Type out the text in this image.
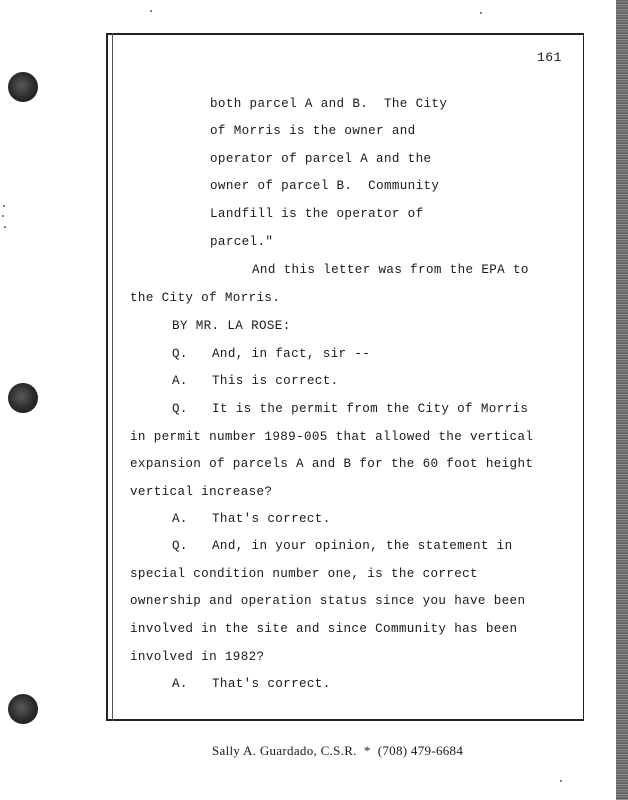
161
both parcel A and B.  The City
of Morris is the owner and
operator of parcel A and the
owner of parcel B.  Community
Landfill is the operator of
parcel."
And this letter was from the EPA to
the City of Morris.
BY MR. LA ROSE:
Q. And, in fact, sir --
A. This is correct.
Q. It is the permit from the City of Morris
in permit number 1989-005 that allowed the vertical
expansion of parcels A and B for the 60 foot height
vertical increase?
A. That's correct.
Q. And, in your opinion, the statement in
special condition number one, is the correct
ownership and operation status since you have been
involved in the site and since Community has been
involved in 1982?
A. That's correct.
Sally A. Guardado, C.S.R.  *  (708) 479-6684
